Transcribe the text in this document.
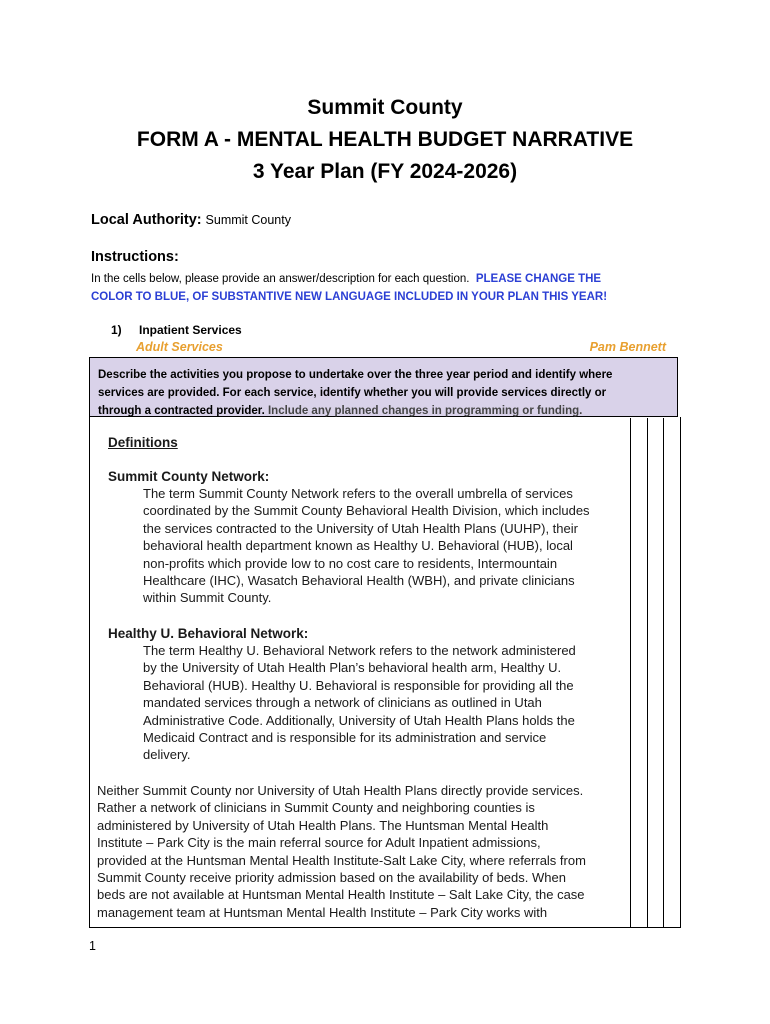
Summit County
FORM A - MENTAL HEALTH BUDGET NARRATIVE
3 Year Plan (FY 2024-2026)
Local Authority: Summit County
Instructions:
In the cells below, please provide an answer/description for each question. PLEASE CHANGE THE
COLOR TO BLUE, OF SUBSTANTIVE NEW LANGUAGE INCLUDED IN YOUR PLAN THIS YEAR!
1) Inpatient Services
Adult Services	Pam Bennett
Describe the activities you propose to undertake over the three year period and identify where
services are provided. For each service, identify whether you will provide services directly or
through a contracted provider. Include any planned changes in programming or funding.
Definitions
Summit County Network:
The term Summit County Network refers to the overall umbrella of services
coordinated by the Summit County Behavioral Health Division, which includes
the services contracted to the University of Utah Health Plans (UUHP), their
behavioral health department known as Healthy U. Behavioral (HUB), local
non-profits which provide low to no cost care to residents, Intermountain
Healthcare (IHC), Wasatch Behavioral Health (WBH), and private clinicians
within Summit County.
Healthy U. Behavioral Network:
The term Healthy U. Behavioral Network refers to the network administered
by the University of Utah Health Plan’s behavioral health arm, Healthy U.
Behavioral (HUB). Healthy U. Behavioral is responsible for providing all the
mandated services through a network of clinicians as outlined in Utah
Administrative Code. Additionally, University of Utah Health Plans holds the
Medicaid Contract and is responsible for its administration and service
delivery.
Neither Summit County nor University of Utah Health Plans directly provide services.
Rather a network of clinicians in Summit County and neighboring counties is
administered by University of Utah Health Plans. The Huntsman Mental Health
Institute – Park City is the main referral source for Adult Inpatient admissions,
provided at the Huntsman Mental Health Institute-Salt Lake City, where referrals from
Summit County receive priority admission based on the availability of beds. When
beds are not available at Huntsman Mental Health Institute – Salt Lake City, the case
management team at Huntsman Mental Health Institute – Park City works with
1
